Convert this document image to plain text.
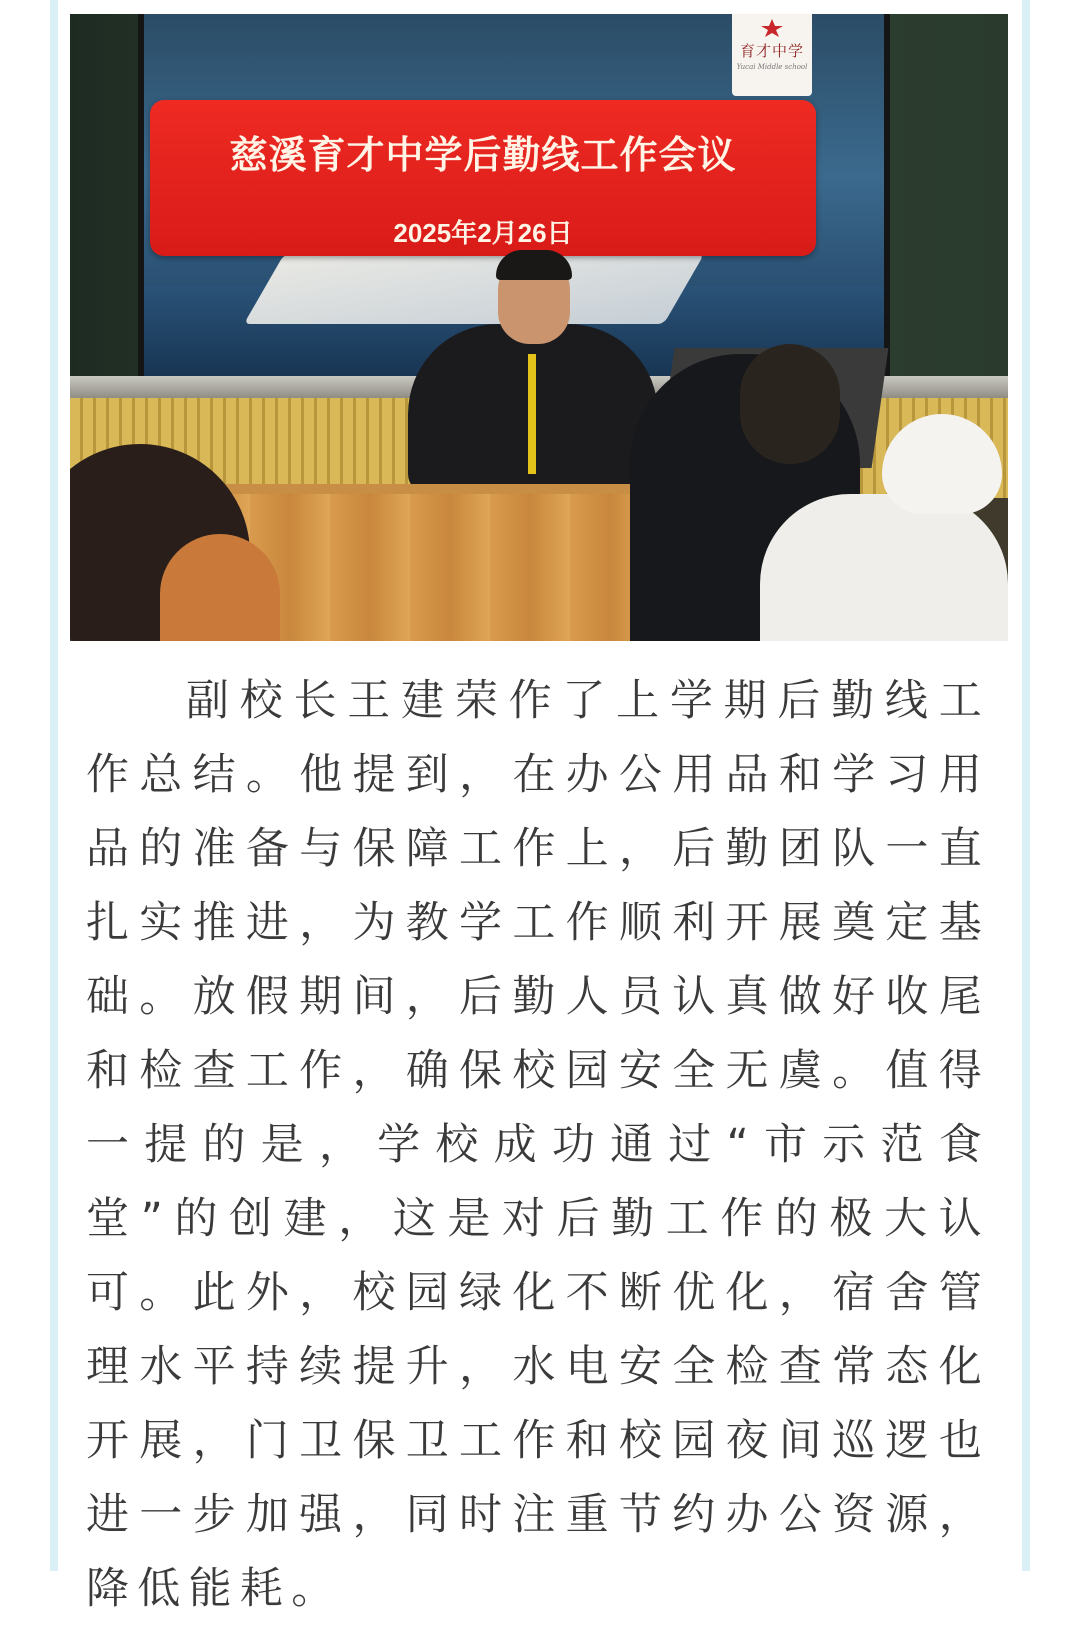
育才中学
Yucai Middle school
慈溪育才中学后勤线工作会议
2025年2月26日

副校长王建荣作了上学期后勤线工作总结。他提到，在办公用品和学习用品的准备与保障工作上，后勤团队一直扎实推进，为教学工作顺利开展奠定基础。放假期间，后勤人员认真做好收尾和检查工作，确保校园安全无虞。值得一提的是，学校成功通过“市示范食堂”的创建，这是对后勤工作的极大认可。此外，校园绿化不断优化，宿舍管理水平持续提升，水电安全检查常态化开展，门卫保卫工作和校园夜间巡逻也进一步加强，同时注重节约办公资源，降低能耗。
